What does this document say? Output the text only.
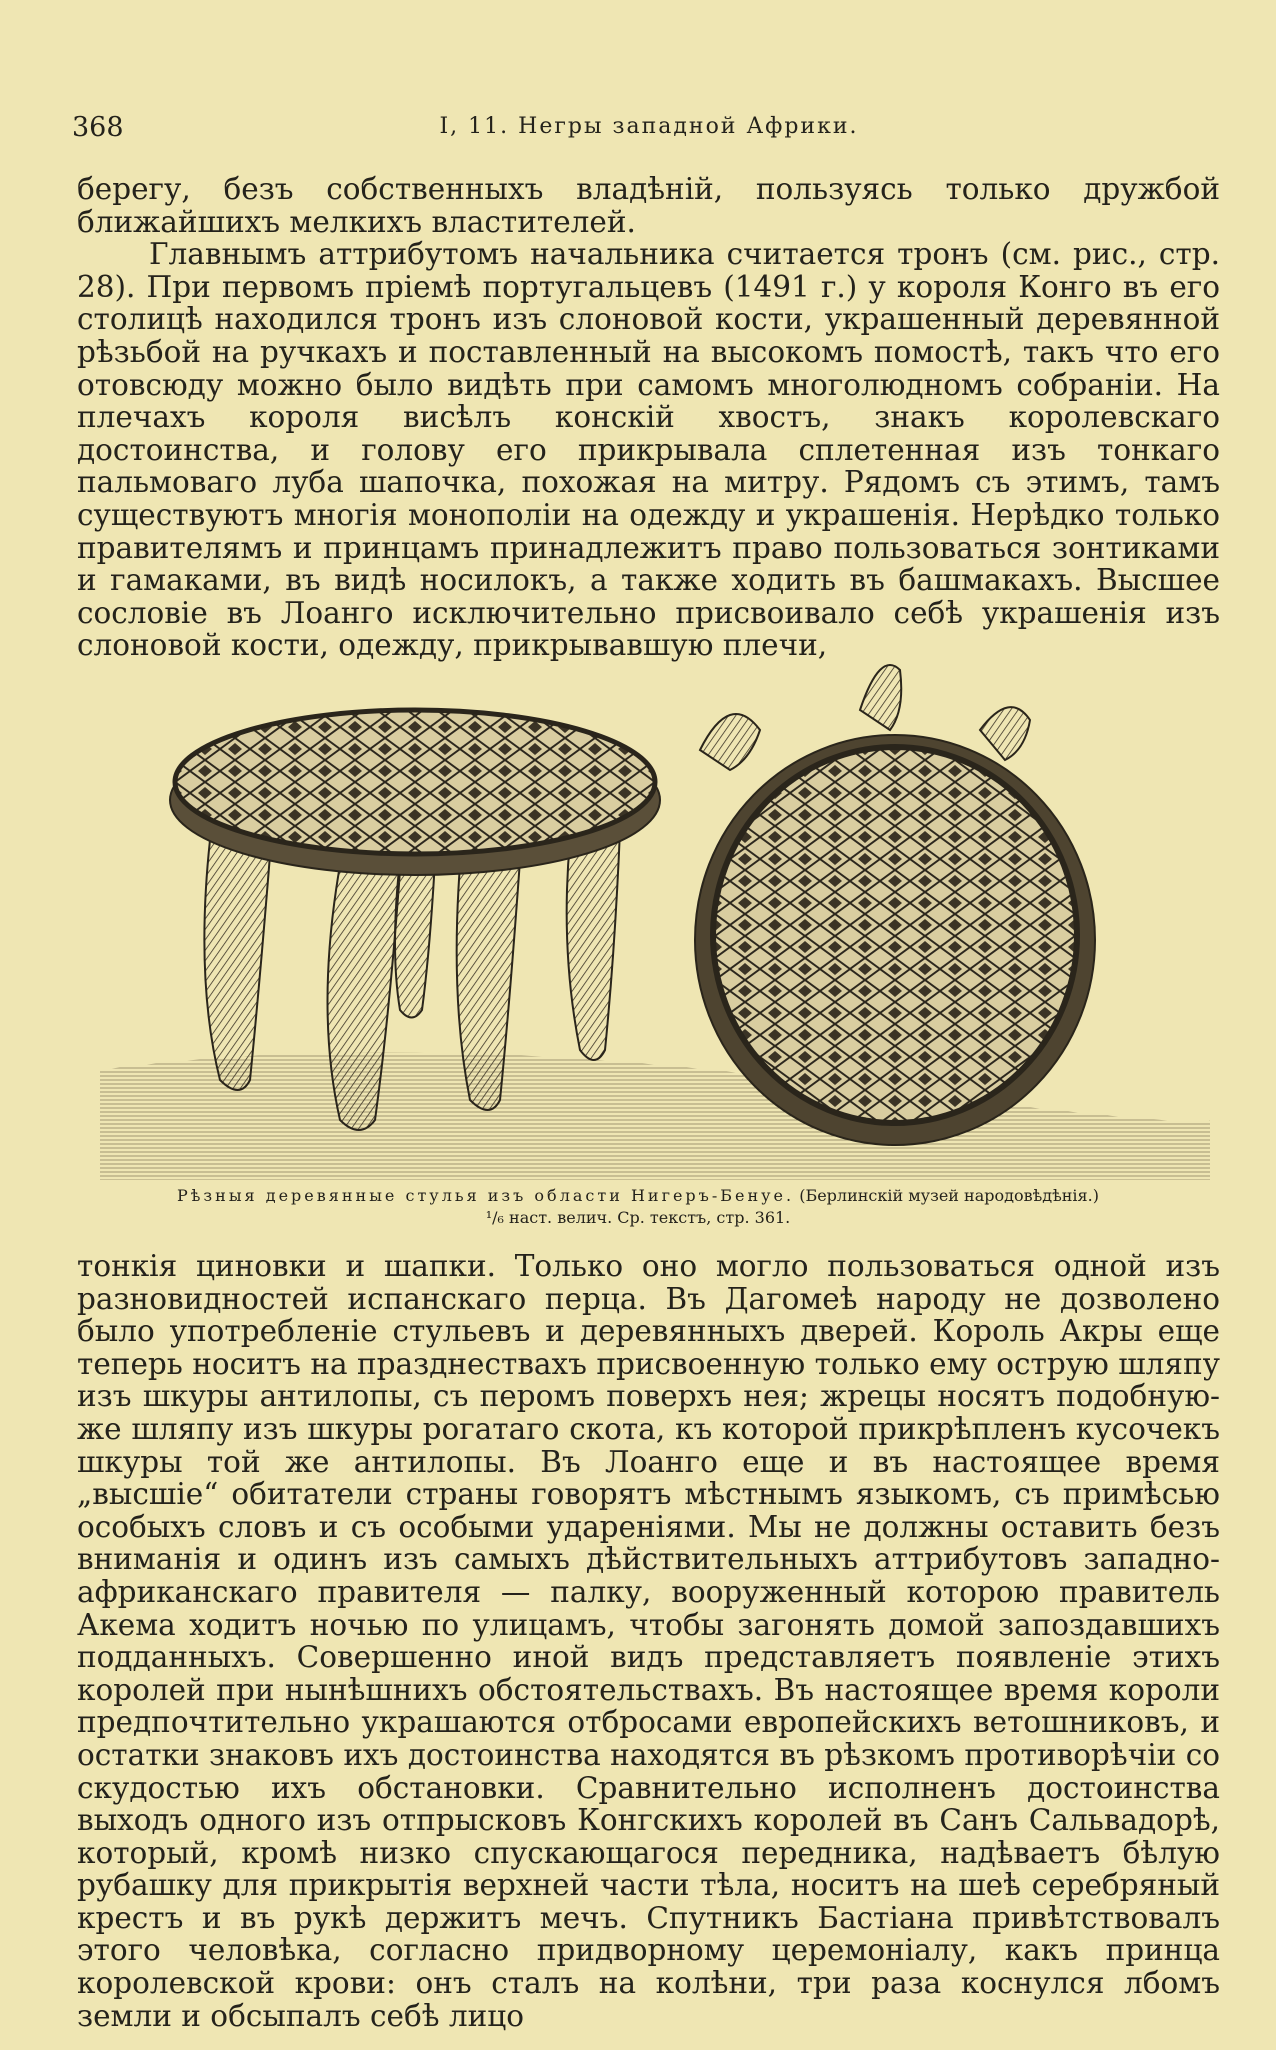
368	I, 11. Негры западной Африки.

берегу, безъ собственныхъ владѣній, пользуясь только дружбой ближайшихъ мелкихъ властителей.

Главнымъ аттрибутомъ начальника считается тронъ (см. рис., стр. 28). При первомъ пріемѣ португальцевъ (1491 г.) у короля Конго въ его столицѣ находился тронъ изъ слоновой кости, украшенный деревянной рѣзьбой на ручкахъ и поставленный на высокомъ помостѣ, такъ что его отовсюду можно было видѣть при самомъ многолюдномъ собраніи. На плечахъ короля висѣлъ конскій хвостъ, знакъ королевскаго достоинства, и голову его прикрывала сплетенная изъ тонкаго пальмоваго луба шапочка, похожая на митру. Рядомъ съ этимъ, тамъ существуютъ многія монополіи на одежду и украшенія. Нерѣдко только правителямъ и принцамъ принадлежитъ право пользоваться зонтиками и гамаками, въ видѣ носилокъ, а также ходить въ башмакахъ. Высшее сословіе въ Лоанго исключительно присвоивало себѣ украшенія изъ слоновой кости, одежду, прикрывавшую плечи,

Рѣзныя деревянные стулья изъ области Нигеръ-Бенуе. (Берлинскій музей народовѣдѣнія.)
¹/₆ наст. велич. Ср. текстъ, стр. 361.

тонкія циновки и шапки. Только оно могло пользоваться одной изъ разновидностей испанскаго перца. Въ Дагомеѣ народу не дозволено было употребленіе стульевъ и деревянныхъ дверей. Король Акры еще теперь носитъ на празднествахъ присвоенную только ему острую шляпу изъ шкуры антилопы, съ перомъ поверхъ нея; жрецы носятъ подобную-же шляпу изъ шкуры рогатаго скота, къ которой прикрѣпленъ кусочекъ шкуры той же антилопы. Въ Лоанго еще и въ настоящее время „высшіе“ обитатели страны говорятъ мѣстнымъ языкомъ, съ примѣсью особыхъ словъ и съ особыми удареніями. Мы не должны оставить безъ вниманія и одинъ изъ самыхъ дѣйствительныхъ аттрибутовъ западно-африканскаго правителя — палку, вооруженный которою правитель Акема ходитъ ночью по улицамъ, чтобы загонять домой запоздавшихъ подданныхъ. Совершенно иной видъ представляетъ появленіе этихъ королей при нынѣшнихъ обстоятельствахъ. Въ настоящее время короли предпочтительно украшаются отбросами европейскихъ ветошниковъ, и остатки знаковъ ихъ достоинства находятся въ рѣзкомъ противорѣчіи со скудостью ихъ обстановки. Сравнительно исполненъ достоинства выходъ одного изъ отпрысковъ Конгскихъ королей въ Санъ Сальвадорѣ, который, кромѣ низко спускающагося передника, надѣваетъ бѣлую рубашку для прикрытія верхней части тѣла, носитъ на шеѣ серебряный крестъ и въ рукѣ держитъ мечъ. Спутникъ Бастіана привѣтствовалъ этого человѣка, согласно придворному церемоніалу, какъ принца королевской крови: онъ сталъ на колѣни, три раза коснулся лбомъ земли и обсыпалъ себѣ лицо
